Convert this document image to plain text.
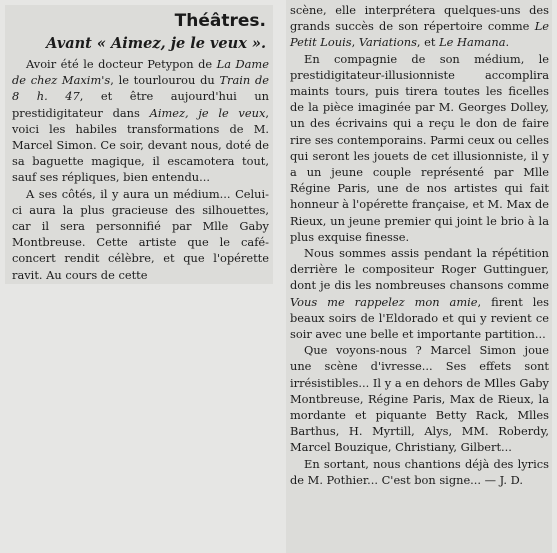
Théâtres.
Avant « Aimez, je le veux ».

Avoir été le docteur Petypon de La Dame de chez Maxim's, le tourlourou du Train de 8 h. 47, et être aujourd'hui un prestidigitateur dans Aimez, je le veux, voici les habiles transformations de M. Marcel Simon. Ce soir, devant nous, doté de sa baguette magique, il escamotera tout, sauf ses répliques, bien entendu...

A ses côtés, il y aura un médium... Celui-ci aura la plus gracieuse des silhouettes, car il sera personnifié par Mlle Gaby Montbreuse. Cette artiste que le café-concert rendit célèbre, et que l'opérette ravit. Au cours de cette

scène, elle interprétera quelques-uns des grands succès de son répertoire comme Le Petit Louis, Variations, et Le Hamana.

En compagnie de son médium, le prestidigitateur-illusionniste accomplira maints tours, puis tirera toutes les ficelles de la pièce imaginée par M. Georges Dolley, un des écrivains qui a reçu le don de faire rire ses contemporains. Parmi ceux ou celles qui seront les jouets de cet illusionniste, il y a un jeune couple représenté par Mlle Régine Paris, une de nos artistes qui fait honneur à l'opérette française, et M. Max de Rieux, un jeune premier qui joint le brio à la plus exquise finesse.

Nous sommes assis pendant la répétition derrière le compositeur Roger Guttinguer, dont je dis les nombreuses chansons comme Vous me rappelez mon amie, firent les beaux soirs de l'Eldorado et qui y revient ce soir avec une belle et importante partition...

Que voyons-nous ? Marcel Simon joue une scène d'ivresse... Ses effets sont irrésistibles... Il y a en dehors de Mlles Gaby Montbreuse, Régine Paris, Max de Rieux, la mordante et piquante Betty Rack, Mlles Barthus, H. Myrtill, Alys, MM. Roberdy, Marcel Bouzique, Christiany, Gilbert...

En sortant, nous chantions déjà des lyrics de M. Pothier... C'est bon signe... — J. D.
